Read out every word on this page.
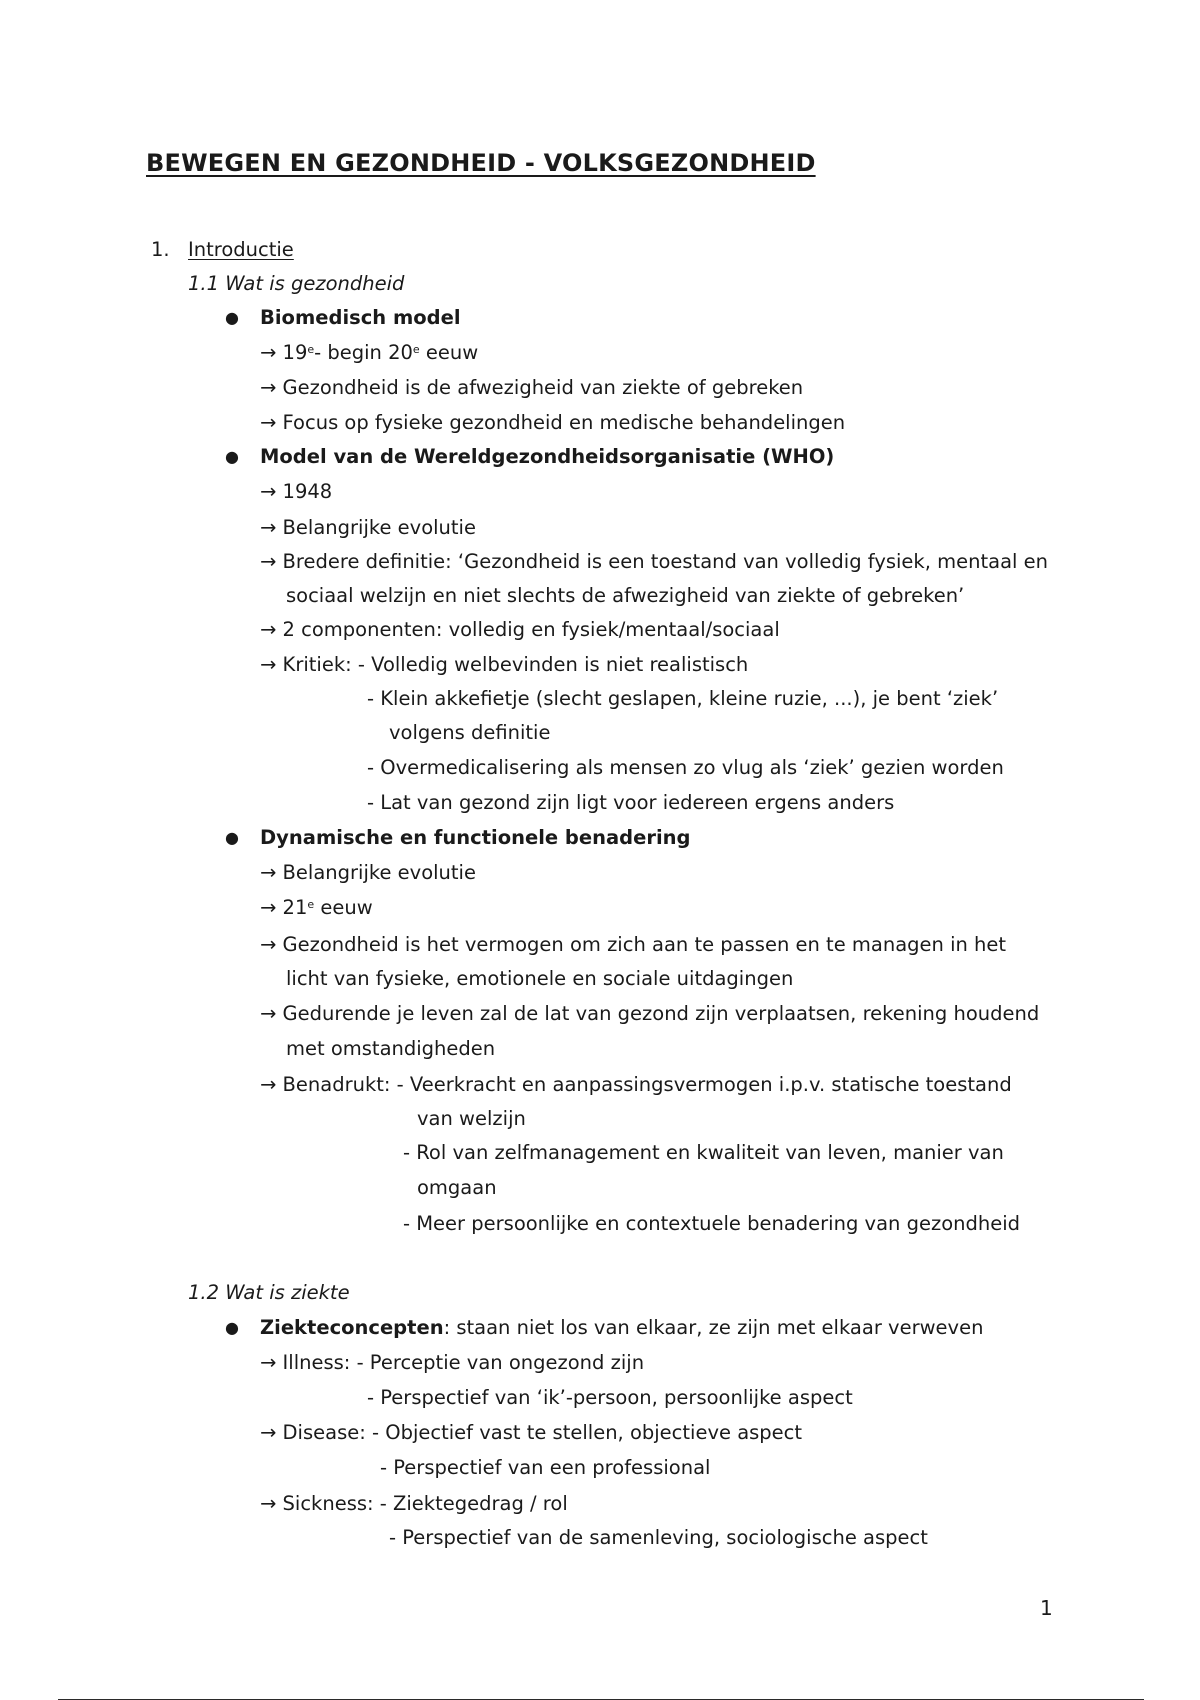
BEWEGEN EN GEZONDHEID - VOLKSGEZONDHEID
1. Introductie
1.1 Wat is gezondheid
● Biomedisch model
→ $19^e-$ begin 20e eeuw
→ Gezondheid is de afwezigheid van ziekte of gebreken
→ Focus op fysieke gezondheid en medische behandelingen
● Model van de Wereldgezondheidsorganisatie (WHO)
→ 1948
→ Belangrijke evolutie
→ Bredere definitie: ‘Gezondheid is een toestand van volledig fysiek, mentaal en
sociaal welzijn en niet slechts de afwezigheid van ziekte of gebreken’
→ 2 componenten: volledig en fysiek/mentaal/sociaal
→ Kritiek: - Volledig welbevinden is niet realistisch
- Klein akkefietje (slecht geslapen, kleine ruzie, ...), je bent ‘ziek’
volgens definitie
- Overmedicalisering als mensen zo vlug als ‘ziek’ gezien worden
- Lat van gezond zijn ligt voor iedereen ergens anders
● Dynamische en functionele benadering
→ Belangrijke evolutie
→ $21^e$ eeuw
→ Gezondheid is het vermogen om zich aan te passen en te managen in het
licht van fysieke, emotionele en sociale uitdagingen
→ Gedurende je leven zal de lat van gezond zijn verplaatsen, rekening houdend
met omstandigheden
→ Benadrukt: - Veerkracht en aanpassingsvermogen i.p.v. statische toestand
van welzijn
- Rol van zelfmanagement en kwaliteit van leven, manier van
omgaan
- Meer persoonlijke en contextuele benadering van gezondheid
1.2 Wat is ziekte
● Ziekteconcepten: staan niet los van elkaar, ze zijn met elkaar verweven
→ Illness: - Perceptie van ongezond zijn
- Perspectief van ‘ik’-persoon, persoonlijke aspect
→ Disease: - Objectief vast te stellen, objectieve aspect
- Perspectief van een professional
→ Sickness: - Ziektegedrag / rol
- Perspectief van de samenleving, sociologische aspect
1
